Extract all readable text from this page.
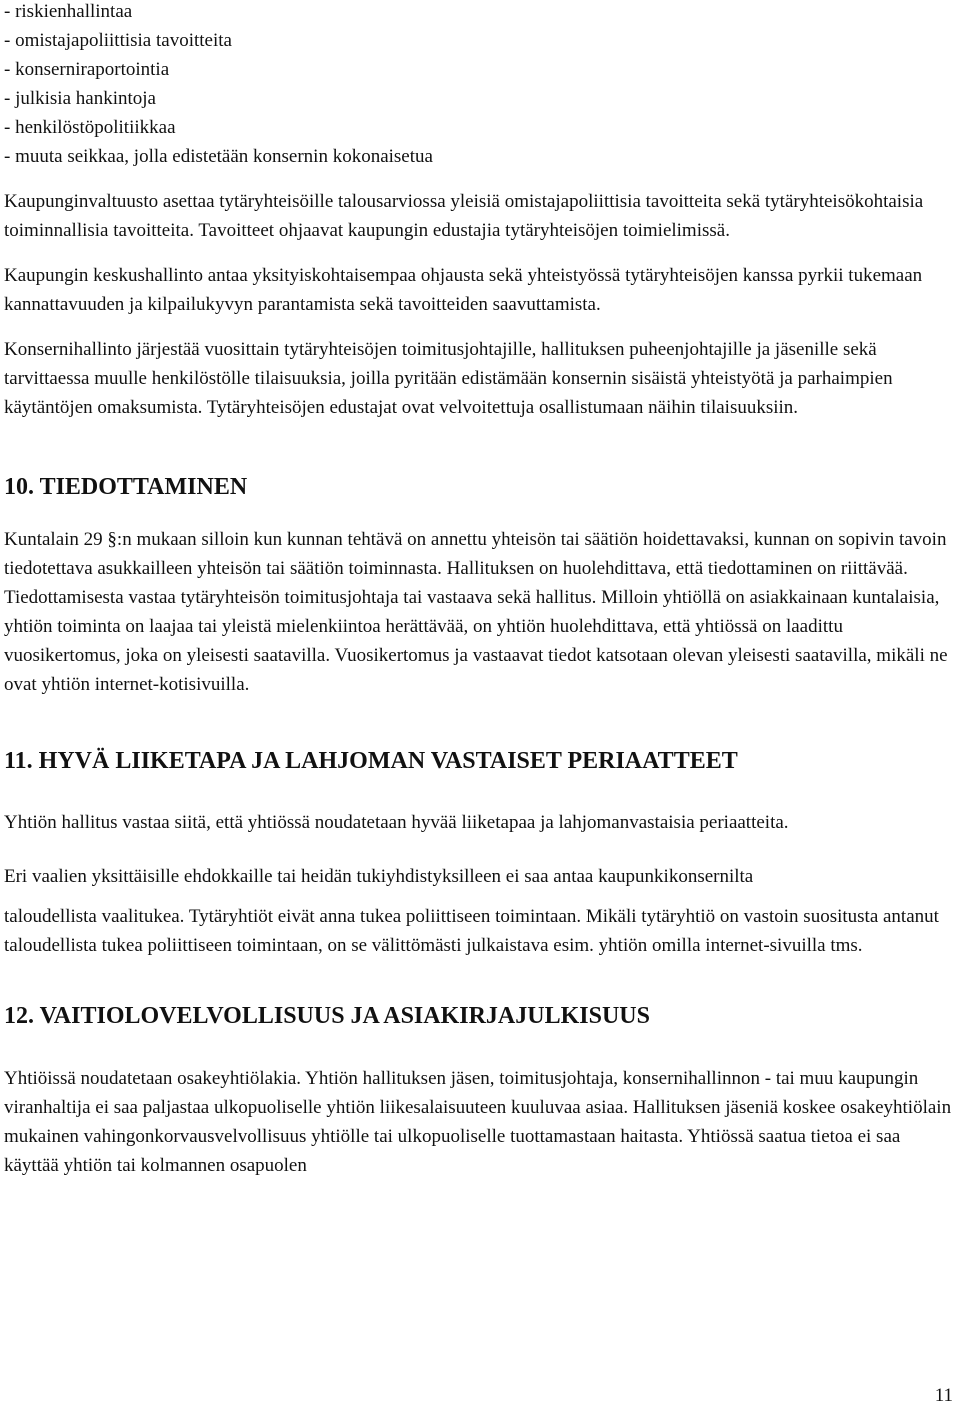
- riskienhallintaa
- omistajapoliittisia tavoitteita
- konserniraportointia
- julkisia hankintoja
- henkilöstöpolitiikkaa
- muuta seikkaa, jolla edistetään konsernin kokonaisetua

Kaupunginvaltuusto asettaa tytäryhteisöille talousarviossa yleisiä omistajapoliittisia tavoitteita sekä tytäryhteisökohtaisia toiminnallisia tavoitteita. Tavoitteet ohjaavat kaupungin edustajia tytäryhteisöjen toimielimissä.

Kaupungin keskushallinto antaa yksityiskohtaisempaa ohjausta sekä yhteistyössä tytäryhteisöjen kanssa pyrkii tukemaan kannattavuuden ja kilpailukyvyn parantamista sekä tavoitteiden saavuttamista.

Konsernihallinto järjestää vuosittain tytäryhteisöjen toimitusjohtajille, hallituksen puheenjohtajille ja jäsenille sekä tarvittaessa muulle henkilöstölle tilaisuuksia, joilla pyritään edistämään konsernin sisäistä yhteistyötä ja parhaimpien käytäntöjen omaksumista. Tytäryhteisöjen edustajat ovat velvoitettuja osallistumaan näihin tilaisuuksiin.

10. TIEDOTTAMINEN

Kuntalain 29 §:n mukaan silloin kun kunnan tehtävä on annettu yhteisön tai säätiön hoidettavaksi, kunnan on sopivin tavoin tiedotettava asukkailleen yhteisön tai säätiön toiminnasta. Hallituksen on huolehdittava, että tiedottaminen on riittävää. Tiedottamisesta vastaa tytäryhteisön toimitusjohtaja tai vastaava sekä hallitus. Milloin yhtiöllä on asiakkainaan kuntalaisia, yhtiön toiminta on laajaa tai yleistä mielenkiintoa herättävää, on yhtiön huolehdittava, että yhtiössä on laadittu vuosikertomus, joka on yleisesti saatavilla. Vuosikertomus ja vastaavat tiedot katsotaan olevan yleisesti saatavilla, mikäli ne ovat yhtiön internet-kotisivuilla.

11. HYVÄ LIIKETAPA JA LAHJOMAN VASTAISET PERIAATTEET

Yhtiön hallitus vastaa siitä, että yhtiössä noudatetaan hyvää liiketapaa ja lahjomanvastaisia periaatteita.

Eri vaalien yksittäisille ehdokkaille tai heidän tukiyhdistyksilleen ei saa antaa kaupunkikonsernilta

taloudellista vaalitukea. Tytäryhtiöt eivät anna tukea poliittiseen toimintaan. Mikäli tytäryhtiö on vastoin suositusta antanut taloudellista tukea poliittiseen toimintaan, on se välittömästi julkaistava esim. yhtiön omilla internet-sivuilla tms.

12. VAITIOLOVELVOLLISUUS JA ASIAKIRJAJULKISUUS

Yhtiöissä noudatetaan osakeyhtiölakia. Yhtiön hallituksen jäsen, toimitusjohtaja, konsernihallinnon - tai muu kaupungin viranhaltija ei saa paljastaa ulkopuoliselle yhtiön liikesalaisuuteen kuuluvaa asiaa. Hallituksen jäseniä koskee osakeyhtiölain mukainen vahingonkorvausvelvollisuus yhtiölle tai ulkopuoliselle tuottamastaan haitasta. Yhtiössä saatua tietoa ei saa käyttää yhtiön tai kolmannen osapuolen

11
